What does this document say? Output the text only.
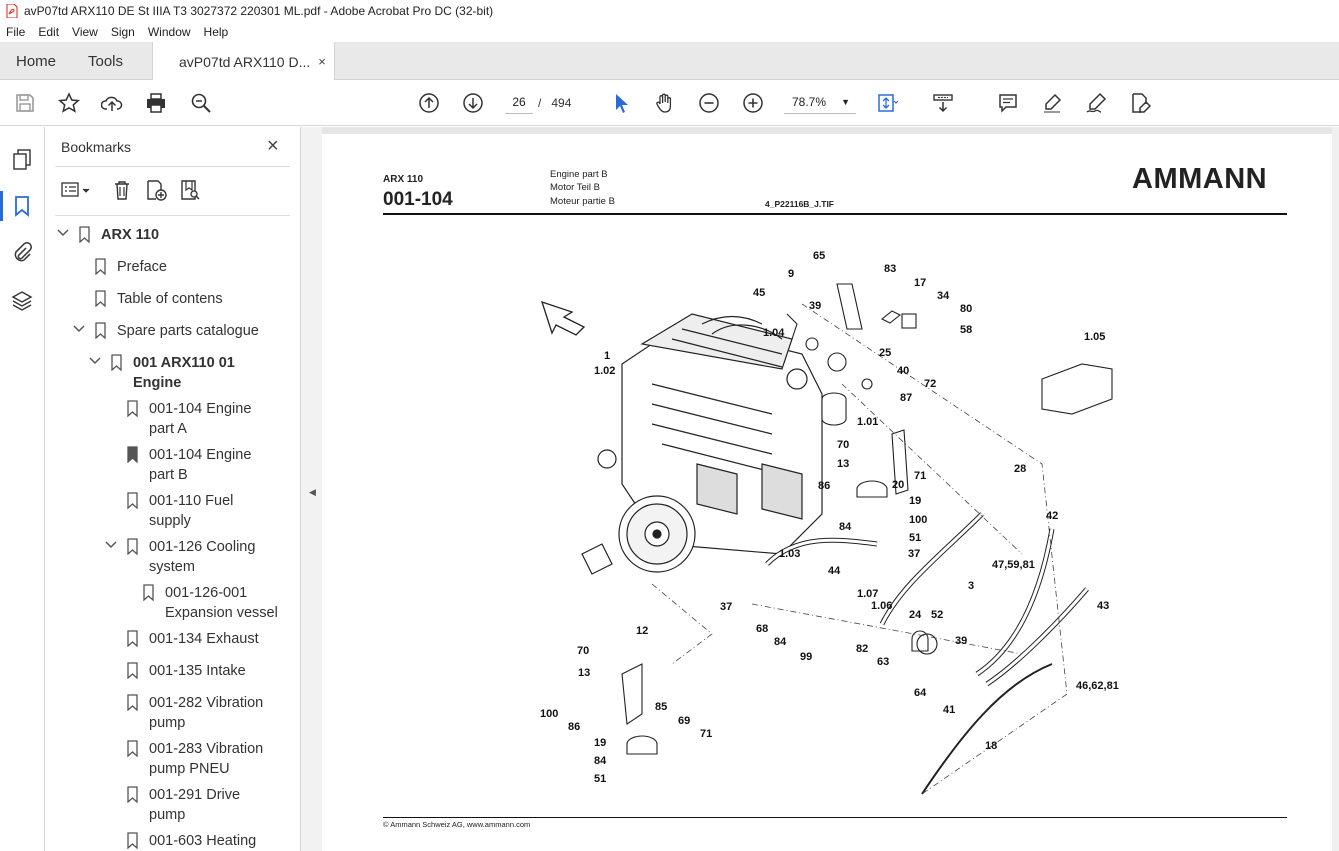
avP07td ARX110 DE St IIIA T3 3027372 220301 ML.pdf - Adobe Acrobat Pro DC (32-bit)
File Edit View Sign Window Help
Home Tools	avP07td ARX110 D... ×
26	/ 494	78.7% ▼
Bookmarks	×
ARX 110
Preface
Table of contens
Spare parts catalogue
001 ARX110 01
Engine
001-104 Engine
part A
001-104 Engine
part B
001-110 Fuel
supply
001-126 Cooling
system
001-126-001
Expansion vessel
001-134 Exhaust
001-135 Intake
001-282 Vibration
pump
001-283 Vibration
pump PNEU
001-291 Drive
pump
001-603 Heating
◀
ARX 110
001-104
Engine part B
Motor Teil B
Moteur partie B	4_P22116B_J.TIF
AMMANN
65
83
9
17
45
39
34
80
58
1.04
25
1
1.02	40
72
1.05
87
1.01
70
13
71
20
28
86
19
84
100
51
42
1.03	37
47,59,81
44
1.07
3
1.06
52
24
43
37
68
84
99
82
63
39
46,62,81
64
41
12
70
13
85
69
100
86
71
19
84
51
18
© Ammann Schweiz AG, www.ammann.com
